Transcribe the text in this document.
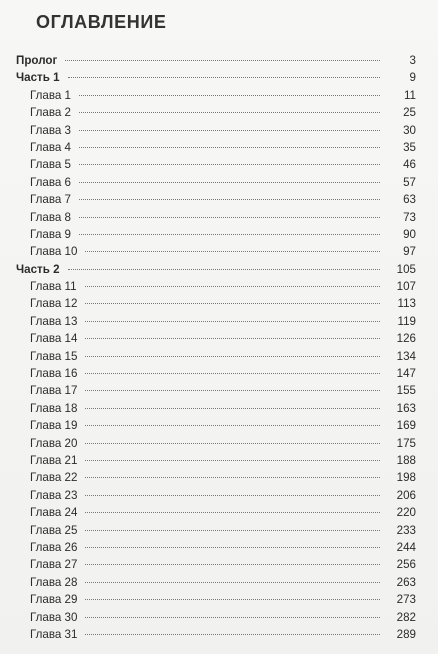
ОГЛАВЛЕНИЕ
Пролог	3
Часть 1	9
Глава 1	11
Глава 2	25
Глава 3	30
Глава 4	35
Глава 5	46
Глава 6	57
Глава 7	63
Глава 8	73
Глава 9	90
Глава 10	97
Часть 2	105
Глава 11	107
Глава 12	113
Глава 13	119
Глава 14	126
Глава 15	134
Глава 16	147
Глава 17	155
Глава 18	163
Глава 19	169
Глава 20	175
Глава 21	188
Глава 22	198
Глава 23	206
Глава 24	220
Глава 25	233
Глава 26	244
Глава 27	256
Глава 28	263
Глава 29	273
Глава 30	282
Глава 31	289
